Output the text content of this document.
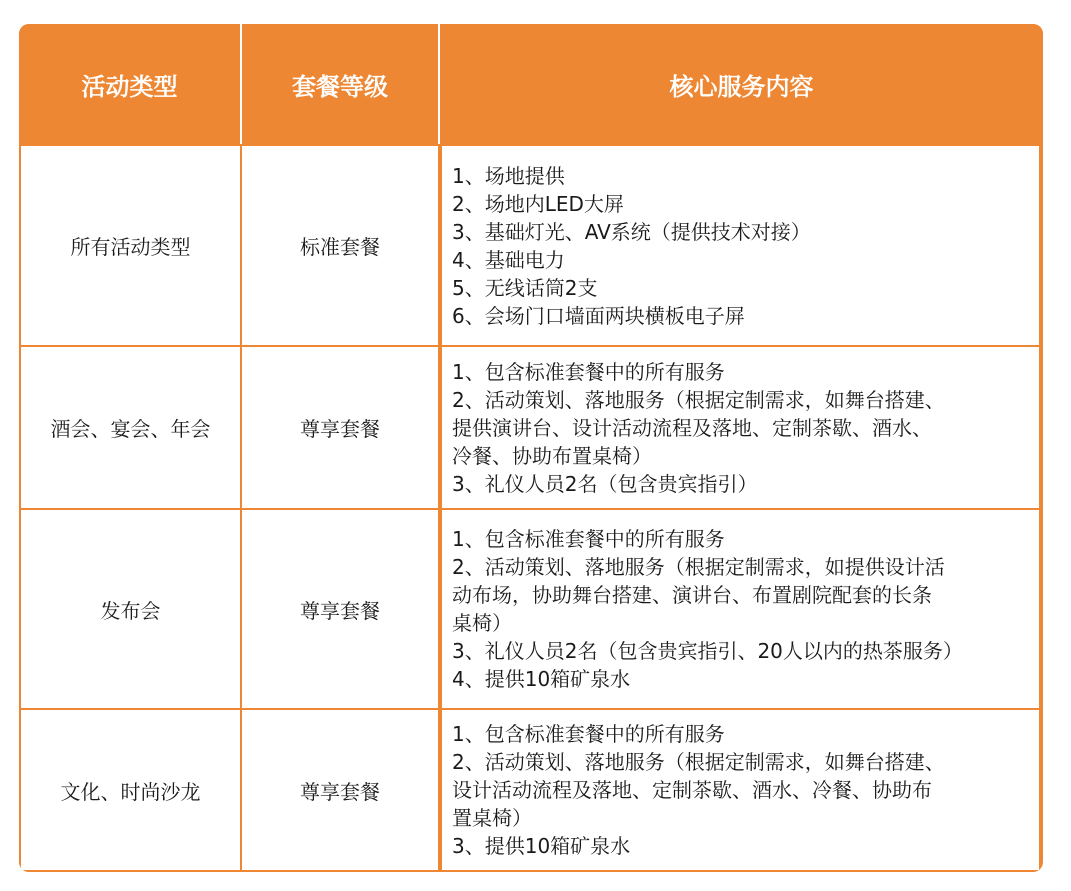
活动类型	套餐等级	核心服务内容
所有活动类型	标准套餐
1、场地提供
2、场地内LED大屏
3、基础灯光、AV系统（提供技术对接）
4、基础电力
5、无线话筒2支
6、会场门口墙面两块横板电子屏
酒会、宴会、年会	尊享套餐
1、包含标准套餐中的所有服务
2、活动策划、落地服务（根据定制需求，如舞台搭建、
提供演讲台、设计活动流程及落地、定制茶歇、酒水、
冷餐、协助布置桌椅）
3、礼仪人员2名（包含贵宾指引）
发布会	尊享套餐
1、包含标准套餐中的所有服务
2、活动策划、落地服务（根据定制需求，如提供设计活
动布场，协助舞台搭建、演讲台、布置剧院配套的长条
桌椅）
3、礼仪人员2名（包含贵宾指引、20人以内的热茶服务）
4、提供10箱矿泉水
文化、时尚沙龙	尊享套餐
1、包含标准套餐中的所有服务
2、活动策划、落地服务（根据定制需求，如舞台搭建、
设计活动流程及落地、定制茶歇、酒水、冷餐、协助布
置桌椅）
3、提供10箱矿泉水
